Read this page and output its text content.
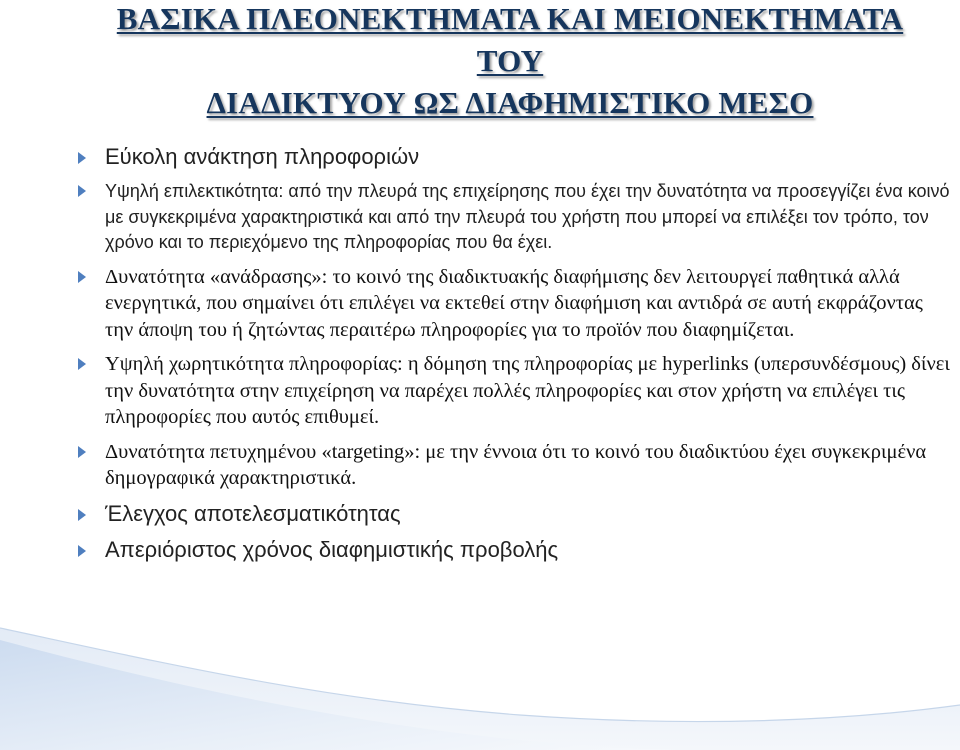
ΒΑΣΙΚΑ ΠΛΕΟΝΕΚΤΗΜΑΤΑ ΚΑΙ ΜΕΙΟΝΕΚΤΗΜΑΤΑ
ΤΟΥ
ΔΙΑΔΙΚΤΥΟΥ ΩΣ ΔΙΑΦΗΜΙΣΤΙΚΟ ΜΕΣΟ
Εύκολη ανάκτηση πληροφοριών
Υψηλή επιλεκτικότητα: από την πλευρά της επιχείρησης που έχει την δυνατότητα να προσεγγίζει ένα κοινό με συγκεκριμένα χαρακτηριστικά και από την πλευρά του χρήστη που μπορεί να επιλέξει τον τρόπο, τον χρόνο και το περιεχόμενο της πληροφορίας που θα έχει.
Δυνατότητα «ανάδρασης»: το κοινό της διαδικτυακής διαφήμισης δεν λειτουργεί παθητικά αλλά ενεργητικά, που σημαίνει ότι επιλέγει να εκτεθεί στην διαφήμιση και αντιδρά σε αυτή εκφράζοντας την άποψη του ή ζητώντας περαιτέρω πληροφορίες για το προϊόν που διαφημίζεται.
Υψηλή χωρητικότητα πληροφορίας: η δόμηση της πληροφορίας με hyperlinks (υπερσυνδέσμους) δίνει την δυνατότητα στην επιχείρηση να παρέχει πολλές πληροφορίες και στον χρήστη να επιλέγει τις πληροφορίες που αυτός επιθυμεί.
Δυνατότητα πετυχημένου «targeting»: με την έννοια ότι το κοινό του διαδικτύου έχει συγκεκριμένα δημογραφικά χαρακτηριστικά.
Έλεγχος αποτελεσματικότητας
Απεριόριστος χρόνος διαφημιστικής προβολής
